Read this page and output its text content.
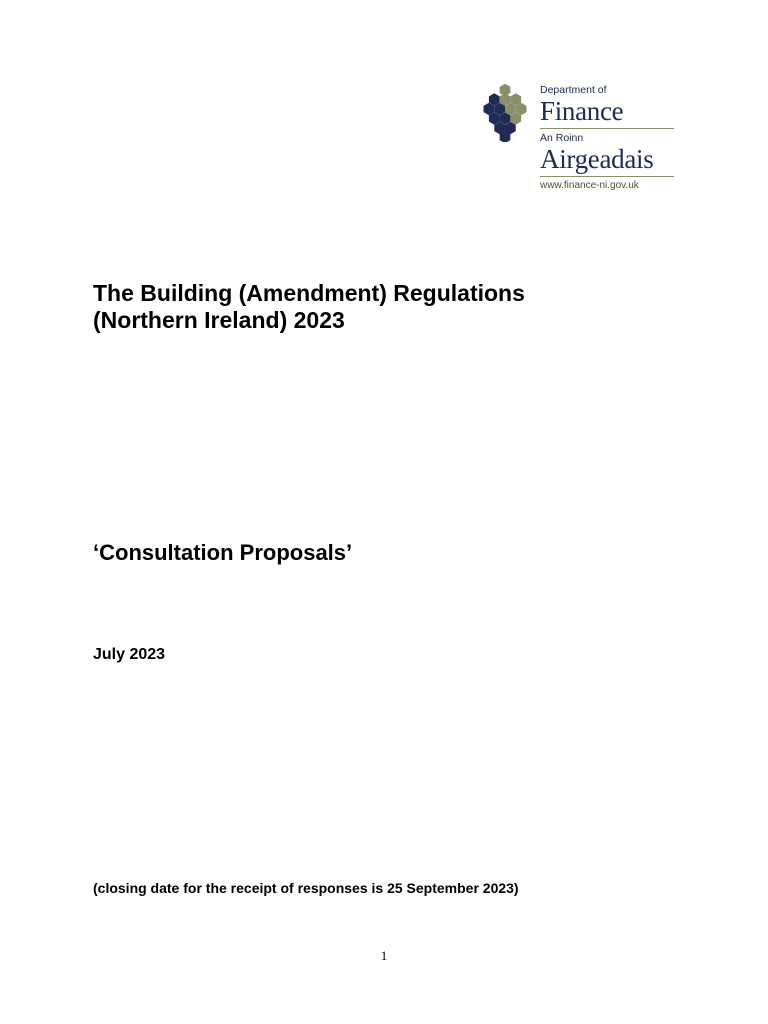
Department of
Finance
An Roinn
Airgeadais
www.finance-ni.gov.uk
The Building (Amendment) Regulations
(Northern Ireland) 2023
‘Consultation Proposals’
July 2023
(closing date for the receipt of responses is 25 September 2023)
1
